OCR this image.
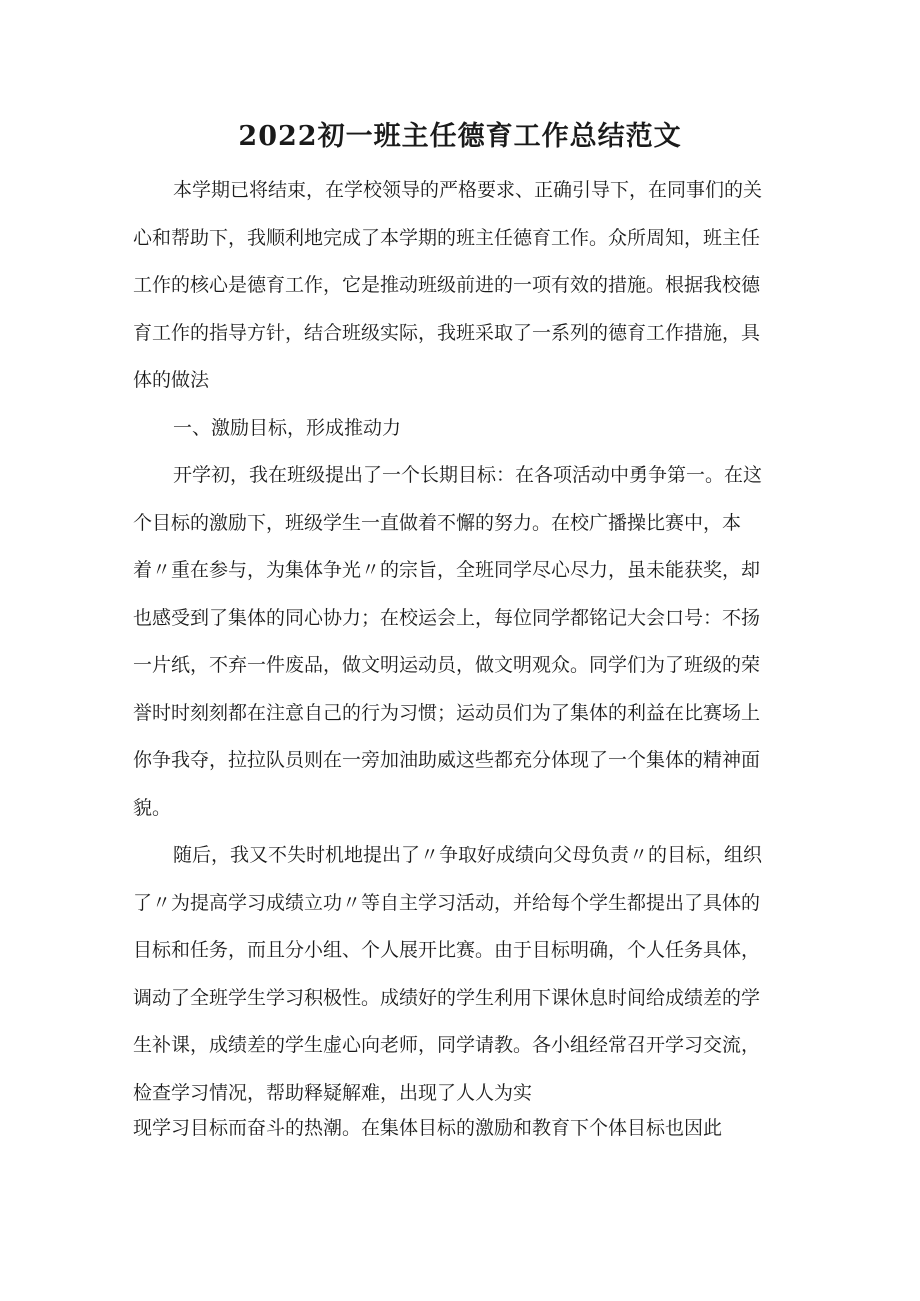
2022初一班主任德育工作总结范文

本学期已将结束，在学校领导的严格要求、正确引导下，在同事们的关
心和帮助下，我顺利地完成了本学期的班主任德育工作。众所周知，班主任
工作的核心是德育工作，它是推动班级前进的一项有效的措施。根据我校德
育工作的指导方针，结合班级实际，我班采取了一系列的德育工作措施，具
体的做法

一、激励目标，形成推动力

开学初，我在班级提出了一个长期目标：在各项活动中勇争第一。在这
个目标的激励下，班级学生一直做着不懈的努力。在校广播操比赛中，本
着〃重在参与，为集体争光〃的宗旨，全班同学尽心尽力，虽未能获奖，却
也感受到了集体的同心协力；在校运会上，每位同学都铭记大会口号：不扬
一片纸，不弃一件废品，做文明运动员，做文明观众。同学们为了班级的荣
誉时时刻刻都在注意自己的行为习惯；运动员们为了集体的利益在比赛场上
你争我夺，拉拉队员则在一旁加油助威这些都充分体现了一个集体的精神面
貌。

随后，我又不失时机地提出了〃争取好成绩向父母负责〃的目标，组织
了〃为提高学习成绩立功〃等自主学习活动，并给每个学生都提出了具体的
目标和任务，而且分小组、个人展开比赛。由于目标明确，个人任务具体，
调动了全班学生学习积极性。成绩好的学生利用下课休息时间给成绩差的学
生补课，成绩差的学生虚心向老师，同学请教。各小组经常召开学习交流，
检查学习情况，帮助释疑解难，出现了人人为实
现学习目标而奋斗的热潮。在集体目标的激励和教育下个体目标也因此
